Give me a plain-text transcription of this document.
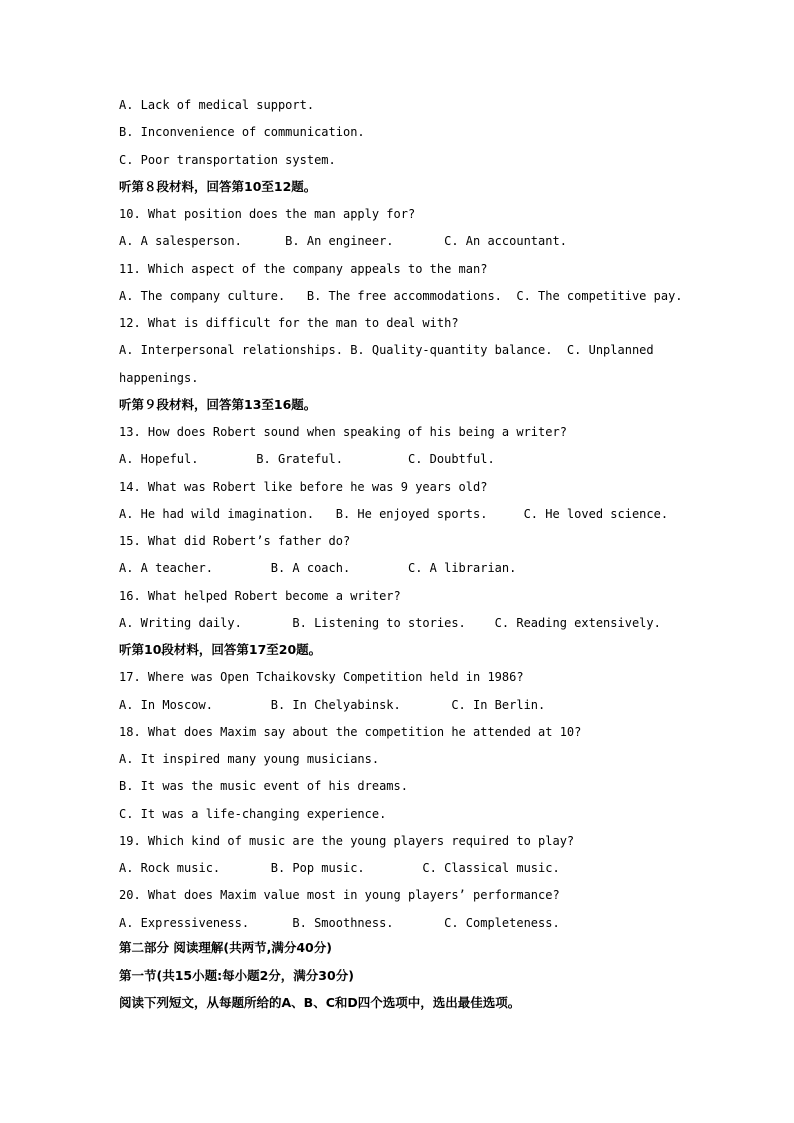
A. Lack of medical support.
B. Inconvenience of communication.
C. Poor transportation system.
听第８段材料，回答第10至12题。
10. What position does the man apply for?
A. A salesperson.      B. An engineer.       C. An accountant.
11. Which aspect of the company appeals to the man?
A. The company culture.   B. The free accommodations.  C. The competitive pay.
12. What is difficult for the man to deal with?
A. Interpersonal relationships. B. Quality-quantity balance.  C. Unplanned
happenings.
听第９段材料，回答第13至16题。
13. How does Robert sound when speaking of his being a writer?
A. Hopeful.        B. Grateful.         C. Doubtful.
14. What was Robert like before he was 9 years old?
A. He had wild imagination.   B. He enjoyed sports.     C. He loved science.
15. What did Robert’s father do?
A. A teacher.        B. A coach.        C. A librarian.
16. What helped Robert become a writer?
A. Writing daily.       B. Listening to stories.    C. Reading extensively.
听第10段材料，回答第17至20题。
17. Where was Open Tchaikovsky Competition held in 1986?
A. In Moscow.        B. In Chelyabinsk.       C. In Berlin.
18. What does Maxim say about the competition he attended at 10?
A. It inspired many young musicians.
B. It was the music event of his dreams.
C. It was a life-changing experience.
19. Which kind of music are the young players required to play?
A. Rock music.       B. Pop music.        C. Classical music.
20. What does Maxim value most in young players’ performance?
A. Expressiveness.      B. Smoothness.       C. Completeness.
第二部分 阅读理解(共两节,满分40分)
第一节(共15小题:每小题2分，满分30分)
阅读下列短文，从每题所给的A、B、C和D四个选项中，选出最佳选项。
